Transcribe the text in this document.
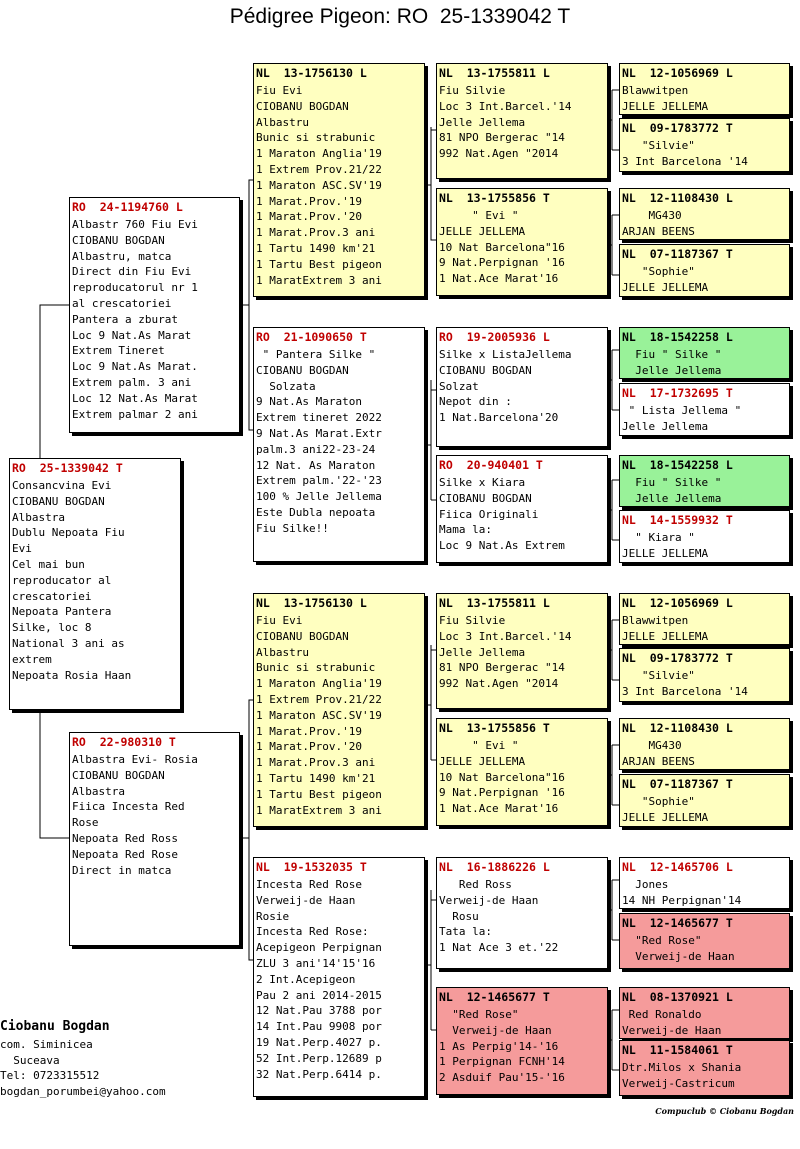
Pédigree Pigeon: RO  25-1339042 T
RO  25-1339042 T
Consancvina Evi
CIOBANU BOGDAN
Albastra
Dublu Nepoata Fiu
Evi
Cel mai bun
reproducator al
crescatoriei
Nepoata Pantera
Silke, loc 8
National 3 ani as
extrem
Nepoata Rosia Haan
RO  24-1194760 L
Albastr 760 Fiu Evi
CIOBANU BOGDAN
Albastru, matca
Direct din Fiu Evi
reproducatorul nr 1
al crescatoriei
Pantera a zburat
Loc 9 Nat.As Marat
Extrem Tineret
Loc 9 Nat.As Marat.
Extrem palm. 3 ani
Loc 12 Nat.As Marat
Extrem palmar 2 ani
RO  22-980310 T
Albastra Evi- Rosia
CIOBANU BOGDAN
Albastra
Fiica Incesta Red
Rose
Nepoata Red Ross
Nepoata Red Rose
Direct in matca
NL  13-1756130 L
Fiu Evi
CIOBANU BOGDAN
Albastru
Bunic si strabunic
1 Maraton Anglia'19
1 Extrem Prov.21/22
1 Maraton ASC.SV'19
1 Marat.Prov.'19
1 Marat.Prov.'20
1 Marat.Prov.3 ani
1 Tartu 1490 km'21
1 Tartu Best pigeon
1 MaratExtrem 3 ani
RO  21-1090650 T
" Pantera Silke "
CIOBANU BOGDAN
Solzata
9 Nat.As Maraton
Extrem tineret 2022
9 Nat.As Marat.Extr
palm.3 ani22-23-24
12 Nat. As Maraton
Extrem palm.'22-'23
100 % Jelle Jellema
Este Dubla nepoata
Fiu Silke!!
NL  13-1756130 L
Fiu Evi
CIOBANU BOGDAN
Albastru
Bunic si strabunic
1 Maraton Anglia'19
1 Extrem Prov.21/22
1 Maraton ASC.SV'19
1 Marat.Prov.'19
1 Marat.Prov.'20
1 Marat.Prov.3 ani
1 Tartu 1490 km'21
1 Tartu Best pigeon
1 MaratExtrem 3 ani
NL  19-1532035 T
Incesta Red Rose
Verweij-de Haan
Rosie
Incesta Red Rose:
Acepigeon Perpignan
ZLU 3 ani'14'15'16
2 Int.Acepigeon
Pau 2 ani 2014-2015
12 Nat.Pau 3788 por
14 Int.Pau 9908 por
19 Nat.Perp.4027 p.
52 Int.Perp.12689 p
32 Nat.Perp.6414 p.
NL  13-1755811 L
Fiu Silvie
Loc 3 Int.Barcel.'14
Jelle Jellema
81 NPO Bergerac "14
992 Nat.Agen "2014
NL  13-1755856 T
" Evi "
JELLE JELLEMA
10 Nat Barcelona"16
9 Nat.Perpignan '16
1 Nat.Ace Marat'16
RO  19-2005936 L
Silke x ListaJellema
CIOBANU BOGDAN
Solzat
Nepot din :
1 Nat.Barcelona'20
RO  20-940401 T
Silke x Kiara
CIOBANU BOGDAN
Fiica Originali
Mama la:
Loc 9 Nat.As Extrem
NL  13-1755811 L
Fiu Silvie
Loc 3 Int.Barcel.'14
Jelle Jellema
81 NPO Bergerac "14
992 Nat.Agen "2014
NL  13-1755856 T
" Evi "
JELLE JELLEMA
10 Nat Barcelona"16
9 Nat.Perpignan '16
1 Nat.Ace Marat'16
NL  16-1886226 L
Red Ross
Verweij-de Haan
Rosu
Tata la:
1 Nat Ace 3 et.'22
NL  12-1465677 T
"Red Rose"
Verweij-de Haan
1 As Perpig'14-'16
1 Perpignan FCNH'14
2 Asduif Pau'15-'16
NL  12-1056969 L
Blawwitpen
JELLE JELLEMA
NL  09-1783772 T
"Silvie"
3 Int Barcelona '14
NL  12-1108430 L
MG430
ARJAN BEENS
NL  07-1187367 T
"Sophie"
JELLE JELLEMA
NL  18-1542258 L
Fiu " Silke "
Jelle Jellema
NL  17-1732695 T
" Lista Jellema "
Jelle Jellema
NL  18-1542258 L
Fiu " Silke "
Jelle Jellema
NL  14-1559932 T
" Kiara "
JELLE JELLEMA
NL  12-1056969 L
Blawwitpen
JELLE JELLEMA
NL  09-1783772 T
"Silvie"
3 Int Barcelona '14
NL  12-1108430 L
MG430
ARJAN BEENS
NL  07-1187367 T
"Sophie"
JELLE JELLEMA
NL  12-1465706 L
Jones
14 NH Perpignan'14
NL  12-1465677 T
"Red Rose"
Verweij-de Haan
NL  08-1370921 L
Red Ronaldo
Verweij-de Haan
NL  11-1584061 T
Dtr.Milos x Shania
Verweij-Castricum
Ciobanu Bogdan
com. Siminicea
Suceava
Tel: 0723315512
bogdan_porumbei@yahoo.com
Compuclub © Ciobanu Bogdan
